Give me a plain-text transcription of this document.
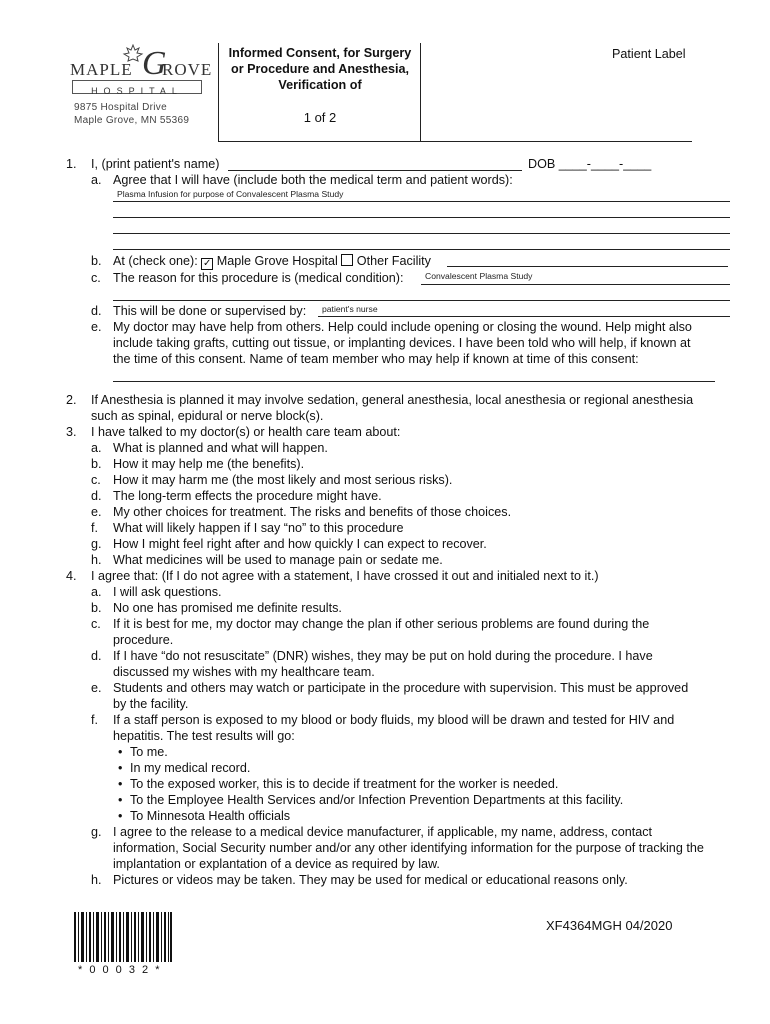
MAPLE G
ROVE
HOSPITAL
9875 Hospital Drive
Maple Grove, MN 55369
Informed Consent, for Surgery
or Procedure and Anesthesia,
Verification of
1 of 2
Patient Label
1. I, (print patient's name)	DOB ____-____-____
a. Agree that I will have (include both the medical term and patient words):
Plasma Infusion for purpose of Convalescent Plasma Study
b. At (check one): ✓ Maple Grove Hospital Other Facility
c. The reason for this procedure is (medical condition):	Convalescent Plasma Study
d. This will be done or supervised by: patient's nurse
e. My doctor may have help from others. Help could include opening or closing the wound. Help might also
include taking grafts, cutting out tissue, or implanting devices. I have been told who will help, if known at
the time of this consent. Name of team member who may help if known at time of this consent:
2. If Anesthesia is planned it may involve sedation, general anesthesia, local anesthesia or regional anesthesia
such as spinal, epidural or nerve block(s).
3. I have talked to my doctor(s) or health care team about:
a. What is planned and what will happen.
b. How it may help me (the benefits).
c. How it may harm me (the most likely and most serious risks).
d. The long-term effects the procedure might have.
e. My other choices for treatment. The risks and benefits of those choices.
f. What will likely happen if I say “no” to this procedure
g. How I might feel right after and how quickly I can expect to recover.
h. What medicines will be used to manage pain or sedate me.
4. I agree that: (If I do not agree with a statement, I have crossed it out and initialed next to it.)
a. I will ask questions.
b. No one has promised me definite results.
c. If it is best for me, my doctor may change the plan if other serious problems are found during the
procedure.
d. If I have “do not resuscitate” (DNR) wishes, they may be put on hold during the procedure. I have
discussed my wishes with my healthcare team.
e. Students and others may watch or participate in the procedure with supervision. This must be approved
by the facility.
f. If a staff person is exposed to my blood or body fluids, my blood will be drawn and tested for HIV and
hepatitis. The test results will go:
• To me.
• In my medical record.
• To the exposed worker, this is to decide if treatment for the worker is needed.
• To the Employee Health Services and/or Infection Prevention Departments at this facility.
• To Minnesota Health officials
g. I agree to the release to a medical device manufacturer, if applicable, my name, address, contact
information, Social Security number and/or any other identifying information for the purpose of tracking the
implantation or explantation of a device as required by law.
h. Pictures or videos may be taken. They may be used for medical or educational reasons only.
* 0 0 0 3 2 *
XF4364MGH 04/2020
